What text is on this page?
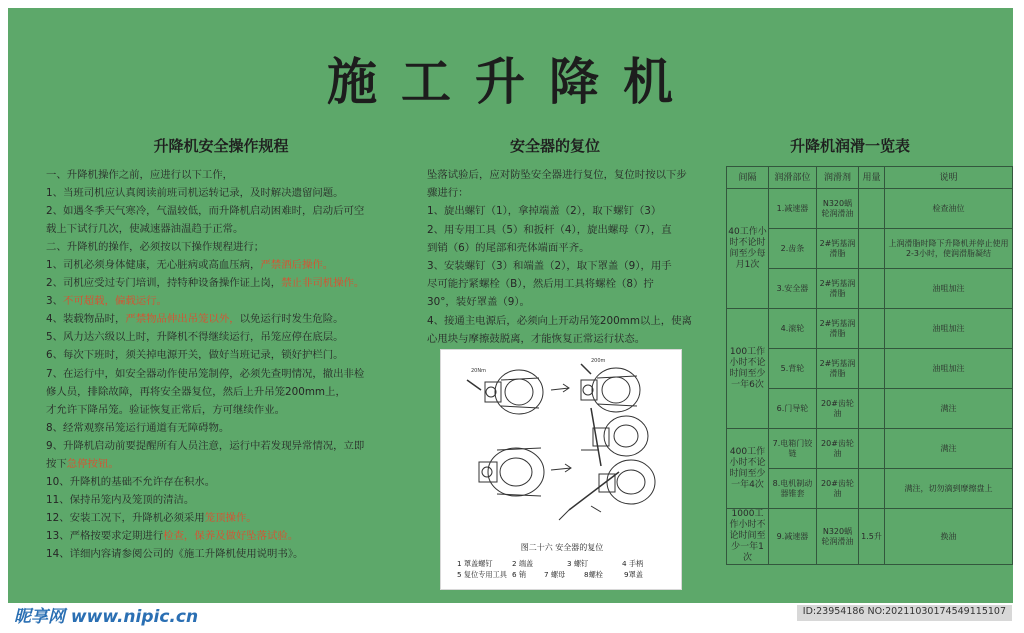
施工升降机
升降机安全操作规程
一、升降机操作之前，应进行以下工作，
1、当班司机应认真阅读前班司机运转记录，及时解决遗留问题。
2、如遇冬季天气寒冷，气温较低，而升降机启动困难时，启动后可空
载上下试行几次，使减速器油温趋于正常。
二、升降机的操作，必须按以下操作规程进行；
1、司机必须身体健康，无心脏病或高血压病，严禁酒后操作。
2、司机应受过专门培训，持特种设备操作证上岗，禁止非司机操作。
3、不可超载，偏载运行。
4、装载物品时，严禁物品伸出吊笼以外，以免运行时发生危险。
5、风力达六级以上时，升降机不得继续运行，吊笼应停在底层。
6、每次下班时，须关掉电源开关，做好当班记录，锁好护栏门。
7、在运行中，如安全器动作使吊笼制停，必须先查明情况，撤出非检
修人员，排除故障，再将安全器复位，然后上升吊笼200mm上，
才允许下降吊笼。验证恢复正常后，方可继续作业。
8、经常观察吊笼运行通道有无障碍物。
9、升降机启动前要提醒所有人员注意，运行中若发现异常情况，立即
按下急停按钮。
10、升降机的基础不允许存在积水。
11、保持吊笼内及笼顶的清洁。
12、安装工况下，升降机必须采用笼顶操作。
13、严格按要求定期进行检查，保养及做好坠落试验。
14、详细内容请参阅公司的《施工升降机使用说明书》。
安全器的复位
坠落试验后，应对防坠安全器进行复位，复位时按以下步
骤进行：
1、旋出螺钉（1），拿掉端盖（2），取下螺钉（3）
2、用专用工具（5）和扳杆（4），旋出螺母（7），直
到销（6）的尾部和壳体端面平齐。
3、安装螺钉（3）和端盖（2），取下罩盖（9），用手
尽可能拧紧螺栓（B），然后用工具将螺栓（8）拧
30°，装好罩盖（9）。
4、接通主电源后，必须向上开动吊笼200mm以上，使离
心甩块与摩擦鼓脱离，才能恢复正常运行状态。
20Nm
200m
图二十六 安全器的复位
1 罩盖螺钉	2 端盖	3 螺钉	4 手柄
5 复位专用工具 6 销	7 螺母	8螺栓	9罩盖
升降机润滑一览表
间隔	润滑部位	润滑剂	用量	说明
40工作小时不论时间至少每月1次	1.减速器	N320蜗轮润滑油		检查油位
	2.齿条	2#钙基润滑脂		上润滑脂时降下升降机并停止使用2-3小时，使润滑脂凝结
	3.安全器	2#钙基润滑脂		油咀加注
100工作小时不论时间至少一年6次	4.滚轮	2#钙基润滑脂		油咀加注
	5.背轮	2#钙基润滑脂		油咀加注
	6.门导轮	20#齿轮油		满注
400工作小时不论时间至少一年4次	7.电箱门铰链	20#齿轮油		满注
	8.电机制动器锥套	20#齿轮油		满注，切勿滴到摩擦盘上
1000工作小时不论时间至少一年1次	9.减速器	N320蜗轮润滑油	1.5升	换油
昵享网 www.nipic.cn	ID:23954186 NO:20211030174549115107
